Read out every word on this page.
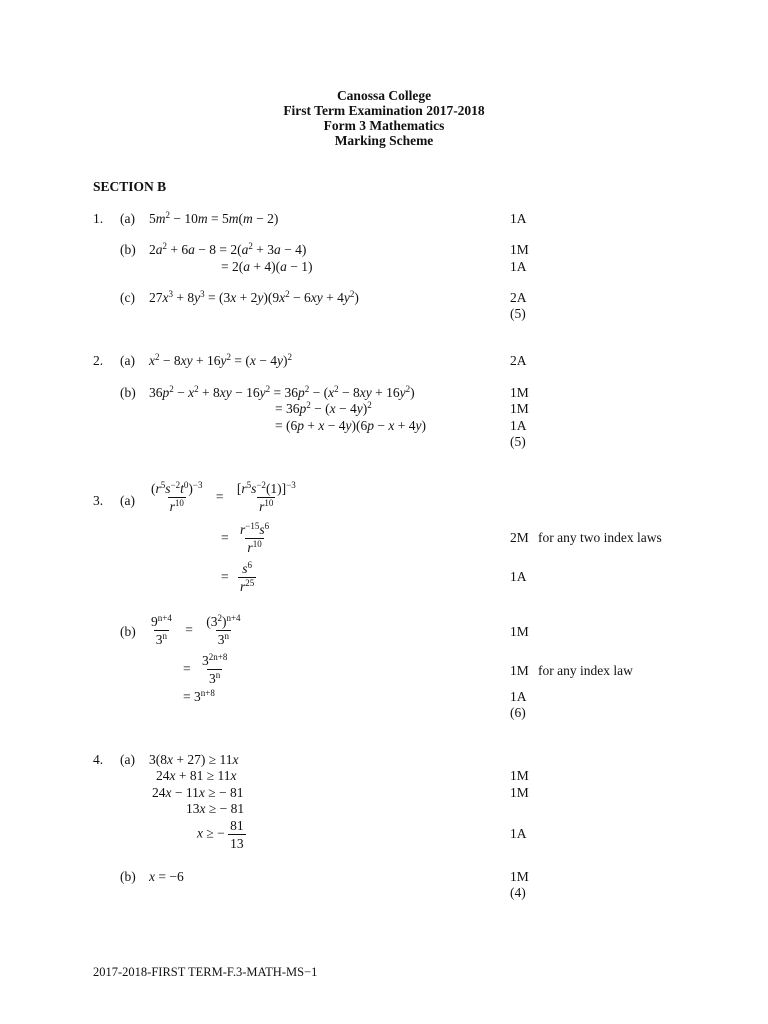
Canossa College
First Term Examination 2017-2018
Form 3 Mathematics
Marking Scheme
SECTION B
1. (a) $5m^2 - 10m = 5m(m - 2)$	1A
(b) $2a^2 + 6a - 8 = 2(a^2 + 3a - 4)$	1M
= 2(a + 4)(a − 1)	1A
(c) $27x^3 + 8y^3 = (3x + 2y)(9x^2 - 6xy + 4y^2)$	2A
(5)
2. (a) $x^2 - 8xy + 16y^2 = (x - 4y)^2$	2A
(b) $36p^2 - x^2 + 8xy - 16y^2 = 36p^2 - (x^2 - 8xy + 16y^2)$	1M
= $36p^2 - (x - 4y)^2$	1M
= (6p + x − 4y)(6p − x + 4y)	1A
(5)
3. $(a) \frac{(r^5s^{-2}t^0)^{-3}}{r^{10}} = \frac{[r^5s^{-2}(1)]^{-3}}{r^{10}}$
= $\frac{r^{-15}s^6}{r^{10}}$	2M for any two index laws
= $\frac{s^6}{r^{25}}$	1A
$(b) \frac{9^{n+4}}{3^n} = \frac{(3^2)^{n+4}}{3^n}$	1M
= $\frac{3^{2n+8}}{3^n}$	1M for any index law
= $3^{n+8}$	1A
(6)
4. (a) 3(8x + 27) ≥ 11x
24x + 81 ≥ 11x	1M
24x − 11x ≥ − 81	1M
13x ≥ − 81
x ≥ − $\frac{81}{13}$	1A
(b) x = −6	1M
(4)
2017-2018-FIRST TERM-F.3-MATH-MS−1
